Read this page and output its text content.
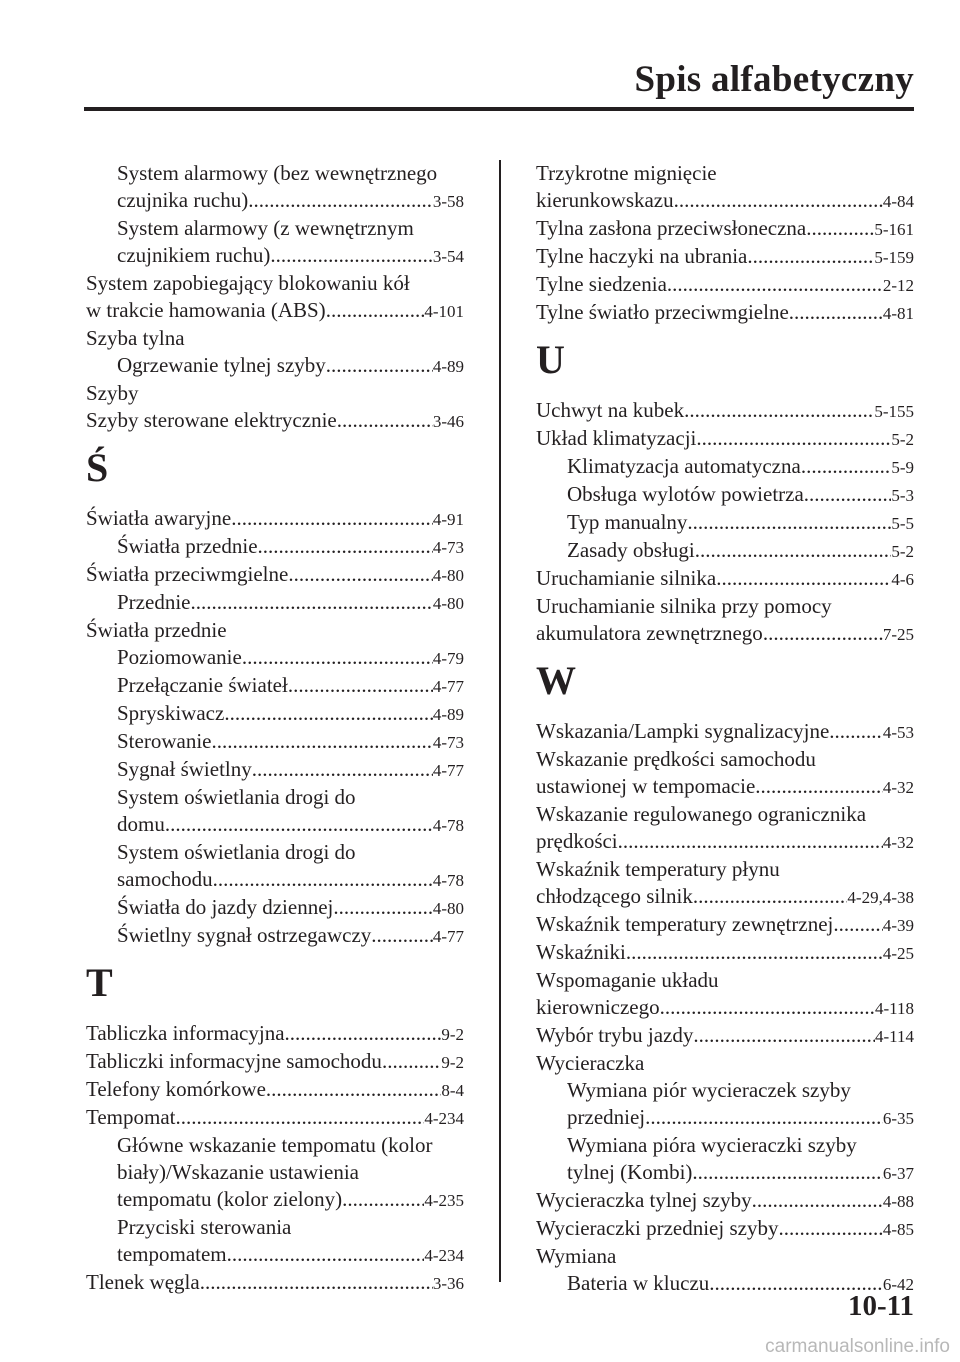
Spis alfabetyczny
System alarmowy (bez wewnętrznego
czujnika ruchu) .....	3-58
System alarmowy (z wewnętrznym
czujnikiem ruchu) .....	3-54
System zapobiegający blokowaniu kół
w trakcie hamowania (ABS) .....	4-101
Szyba tylna
Ogrzewanie tylnej szyby .....	4-89
Szyby
Szyby sterowane elektrycznie .....	3-46
Ś
Światła awaryjne .....	4-91
Światła przednie .....	4-73
Światła przeciwmgielne .....	4-80
Przednie .....	4-80
Światła przednie
Poziomowanie .....	4-79
Przełączanie świateł .....	4-77
Spryskiwacz .....	4-89
Sterowanie .....	4-73
Sygnał świetlny .....	4-77
System oświetlania drogi do
domu .....	4-78
System oświetlania drogi do
samochodu .....	4-78
Światła do jazdy dziennej .....	4-80
Świetlny sygnał ostrzegawczy .....	4-77
T
Tabliczka informacyjna .....	9-2
Tabliczki informacyjne samochodu .....	9-2
Telefony komórkowe .....	8-4
Tempomat .....	4-234
Główne wskazanie tempomatu (kolor
biały)/Wskazanie ustawienia
tempomatu (kolor zielony) .....	4-235
Przyciski sterowania
tempomatem .....	4-234
Tlenek węgla .....	3-36
Trzykrotne mignięcie
kierunkowskazu .....	4-84
Tylna zasłona przeciwsłoneczna .....	5-161
Tylne haczyki na ubrania .....	5-159
Tylne siedzenia .....	2-12
Tylne światło przeciwmgielne .....	4-81
U
Uchwyt na kubek .....	5-155
Układ klimatyzacji .....	5-2
Klimatyzacja automatyczna .....	5-9
Obsługa wylotów powietrza .....	5-3
Typ manualny .....	5-5
Zasady obsługi .....	5-2
Uruchamianie silnika .....	4-6
Uruchamianie silnika przy pomocy
akumulatora zewnętrznego .....	7-25
W
Wskazania/Lampki sygnalizacyjne .....	4-53
Wskazanie prędkości samochodu
ustawionej w tempomacie .....	4-32
Wskazanie regulowanego ogranicznika
prędkości .....	4-32
Wskaźnik temperatury płynu
chłodzącego silnik .....	4-29,4-38
Wskaźnik temperatury zewnętrznej .....	4-39
Wskaźniki .....	4-25
Wspomaganie układu
kierowniczego .....	4-118
Wybór trybu jazdy .....	4-114
Wycieraczka
Wymiana piór wycieraczek szyby
przedniej .....	6-35
Wymiana pióra wycieraczki szyby
tylnej (Kombi) .....	6-37
Wycieraczka tylnej szyby .....	4-88
Wycieraczki przedniej szyby .....	4-85
Wymiana
Bateria w kluczu .....	6-42
10-11
carmanualsonline.info
